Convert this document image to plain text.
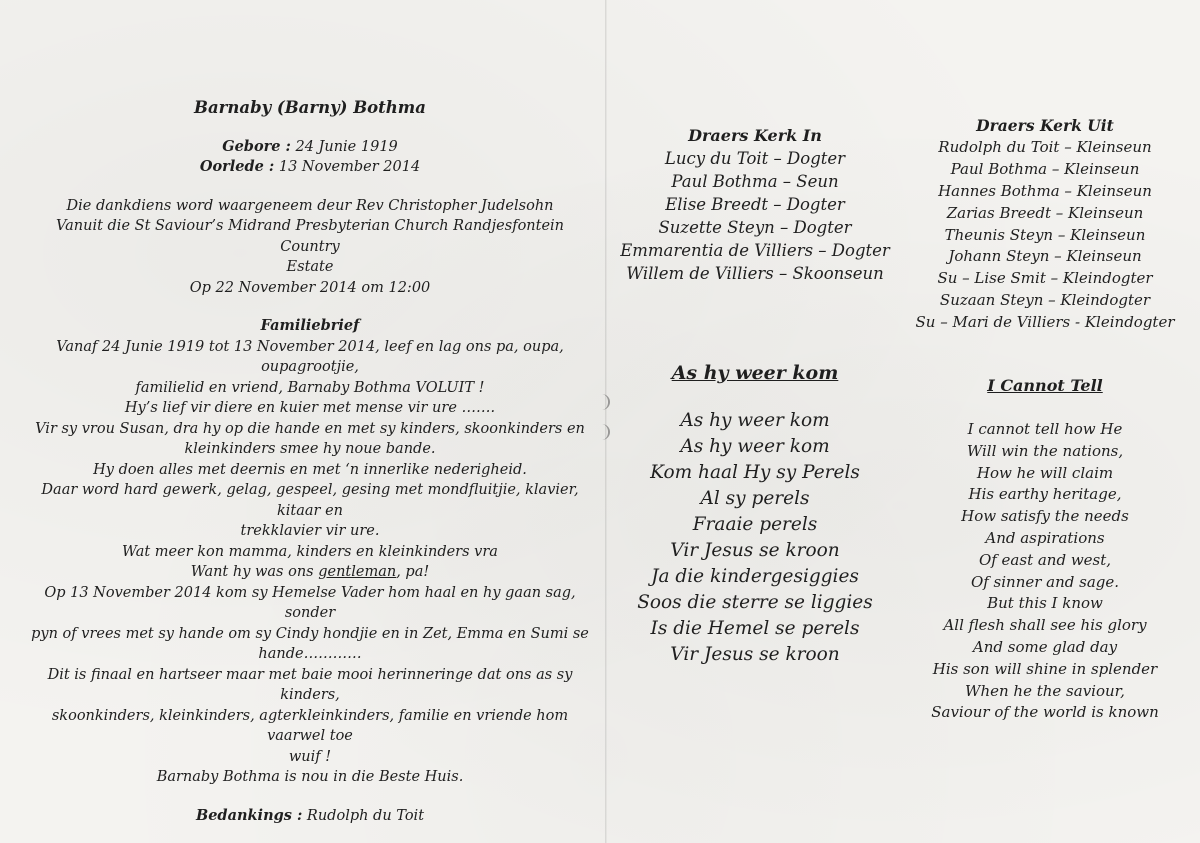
Barnaby (Barny) Bothma

Gebore : 24 Junie 1919

Oorlede : 13 November 2014

Die dankdiens word waargeneem deur Rev Christopher Judelsohn

Vanuit die St Saviour’s Midrand Presbyterian Church Randjesfontein Country

Estate

Op 22 November 2014 om 12:00

Familiebrief

Vanaf 24 Junie 1919 tot 13 November 2014, leef en lag ons pa, oupa, oupagrootjie,

familielid en vriend, Barnaby Bothma VOLUIT !

Hy’s lief vir diere en kuier met mense vir ure …….

Vir sy vrou Susan, dra hy op die hande en met sy kinders, skoonkinders en

kleinkinders smee hy noue bande.

Hy doen alles met deernis en met ‘n innerlike nederigheid.

Daar word hard gewerk, gelag, gespeel, gesing met mondfluitjie, klavier, kitaar en

trekklavier vir ure.

Wat meer kon mamma, kinders en kleinkinders vra

Want hy was ons gentleman, pa!

Op 13 November 2014 kom sy Hemelse Vader hom haal en hy gaan sag, sonder

pyn of vrees met sy hande om sy Cindy hondjie en in Zet, Emma en Sumi se

hande…………

Dit is finaal en hartseer maar met baie mooi herinneringe dat ons as sy kinders,

skoonkinders, kleinkinders, agterkleinkinders, familie en vriende hom vaarwel toe

wuif !

Barnaby Bothma is nou in die Beste Huis.

Bedankings : Rudolph du Toit

Draers Kerk In
Lucy du Toit – Dogter
Paul Bothma – Seun
Elise Breedt – Dogter
Suzette Steyn – Dogter
Emmarentia de Villiers – Dogter
Willem de Villiers – Skoonseun
Draers Kerk Uit
Rudolph du Toit – Kleinseun
Paul Bothma – Kleinseun
Hannes Bothma – Kleinseun
Zarias Breedt – Kleinseun
Theunis Steyn – Kleinseun
Johann Steyn – Kleinseun
Su – Lise Smit – Kleindogter
Suzaan Steyn – Kleindogter
Su – Mari de Villiers - Kleindogter
As hy weer kom
As hy weer kom
As hy weer kom
Kom haal Hy sy Perels
Al sy perels
Fraaie perels
Vir Jesus se kroon
Ja die kindergesiggies
Soos die sterre se liggies
Is die Hemel se perels
Vir Jesus se kroon
I Cannot Tell
I cannot tell how He
Will win the nations,
How he will claim
His earthy heritage,
How satisfy the needs
And aspirations
Of east and west,
Of sinner and sage.
But this I know
All flesh shall see his glory
And some glad day
His son will shine in splender
When he the saviour,
Saviour of the world is known
